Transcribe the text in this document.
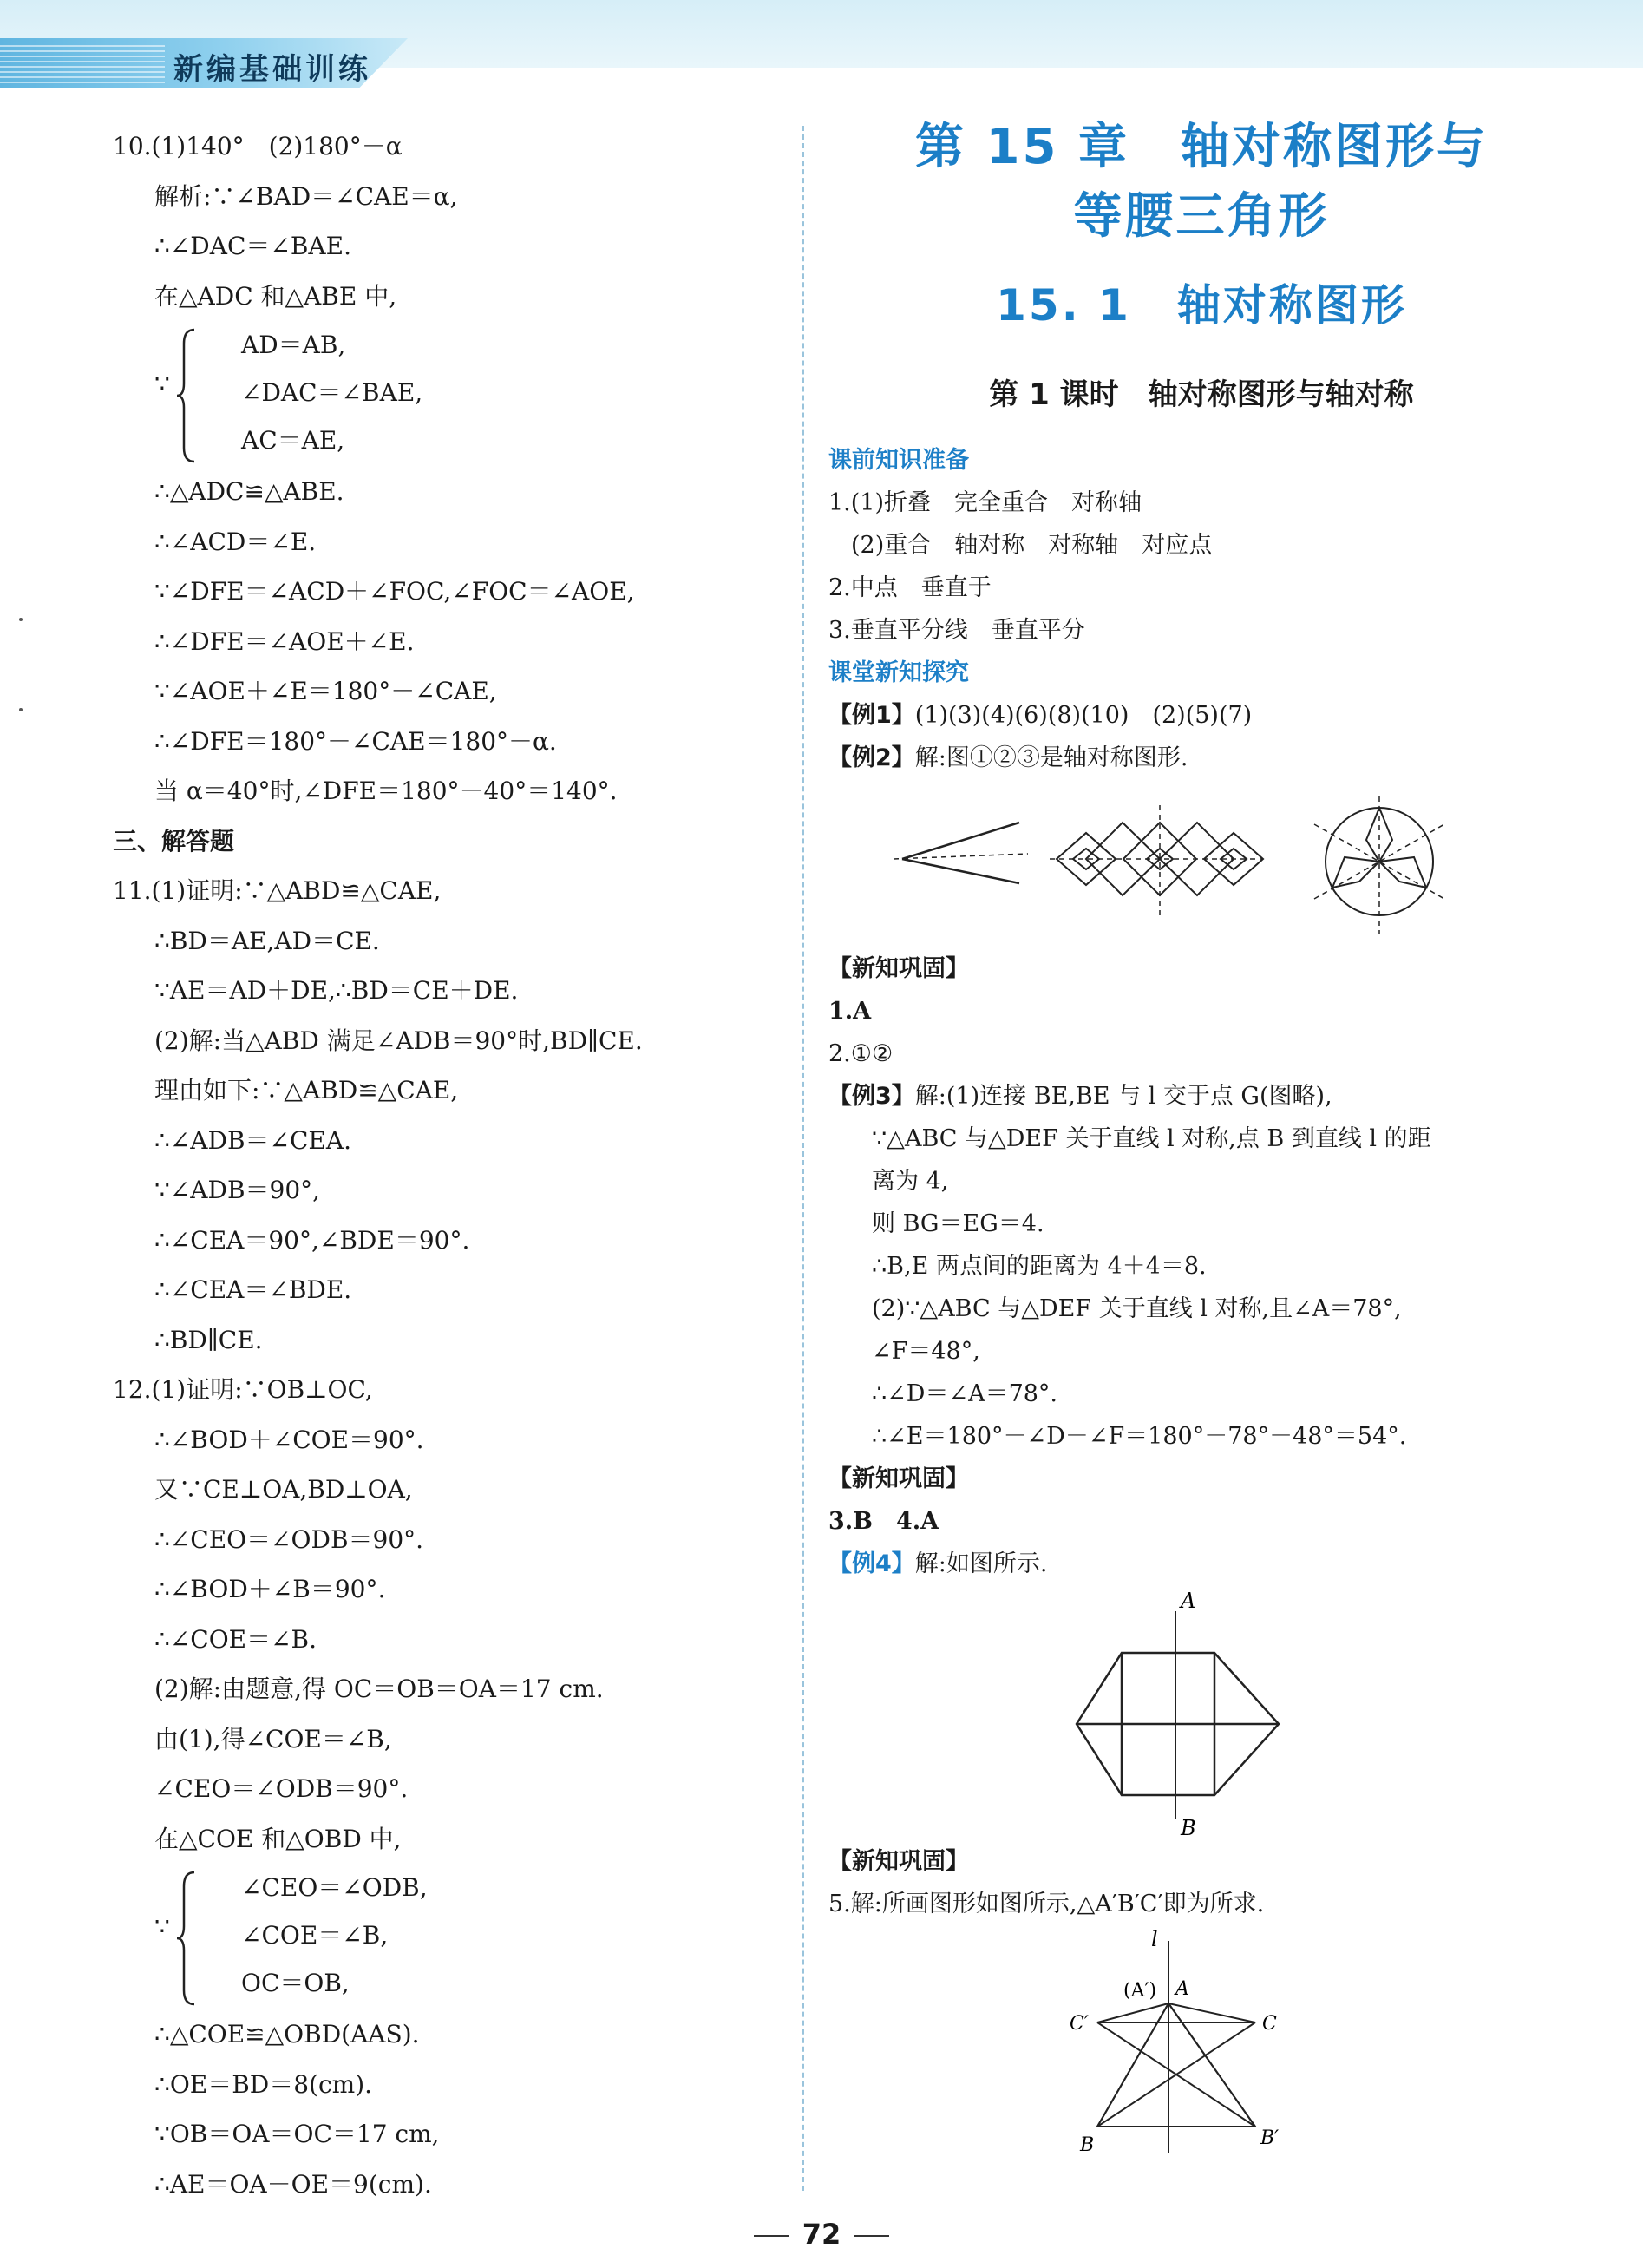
新编基础训练
10.(1)140°　(2)180°－α
解析:∵∠BAD＝∠CAE＝α,
∴∠DAC＝∠BAE.
在△ADC 和△ABE 中,
∵
AD＝AB,
∠DAC＝∠BAE,
AC＝AE,
∴△ADC≌△ABE.
∴∠ACD＝∠E.
∵∠DFE＝∠ACD＋∠FOC,∠FOC＝∠AOE,
∴∠DFE＝∠AOE＋∠E.
∵∠AOE＋∠E＝180°－∠CAE,
∴∠DFE＝180°－∠CAE＝180°－α.
当 α＝40°时,∠DFE＝180°－40°＝140°.
三、解答题
11.(1)证明:∵△ABD≌△CAE,
∴BD＝AE,AD＝CE.
∵AE＝AD＋DE,∴BD＝CE＋DE.
(2)解:当△ABD 满足∠ADB＝90°时,BD∥CE.
理由如下:∵△ABD≌△CAE,
∴∠ADB＝∠CEA.
∵∠ADB＝90°,
∴∠CEA＝90°,∠BDE＝90°.
∴∠CEA＝∠BDE.
∴BD∥CE.
12.(1)证明:∵OB⊥OC,
∴∠BOD＋∠COE＝90°.
又∵CE⊥OA,BD⊥OA,
∴∠CEO＝∠ODB＝90°.
∴∠BOD＋∠B＝90°.
∴∠COE＝∠B.
(2)解:由题意,得 OC＝OB＝OA＝17 cm.
由(1),得∠COE＝∠B,
∠CEO＝∠ODB＝90°.
在△COE 和△OBD 中,
∵
∠CEO＝∠ODB,
∠COE＝∠B,
OC＝OB,
∴△COE≌△OBD(AAS).
∴OE＝BD＝8(cm).
∵OB＝OA＝OC＝17 cm,
∴AE＝OA－OE＝9(cm).
第 15 章　轴对称图形与
等腰三角形
15. 1　轴对称图形
第 1 课时　轴对称图形与轴对称
课前知识准备
1.(1)折叠　完全重合　对称轴
(2)重合　轴对称　对称轴　对应点
2.中点　垂直于
3.垂直平分线　垂直平分
课堂新知探究
【例1】(1)(3)(4)(6)(8)(10)　(2)(5)(7)
【例2】解:图①②③是轴对称图形.
【新知巩固】
1.A
2.①②
【例3】解:(1)连接 BE,BE 与 l 交于点 G(图略),
∵△ABC 与△DEF 关于直线 l 对称,点 B 到直线 l 的距
离为 4,
则 BG＝EG＝4.
∴B,E 两点间的距离为 4＋4＝8.
(2)∵△ABC 与△DEF 关于直线 l 对称,且∠A＝78°,
∠F＝48°,
∴∠D＝∠A＝78°.
∴∠E＝180°－∠D－∠F＝180°－78°－48°＝54°.
【新知巩固】
3.B　4.A
【例4】解:如图所示.
A
B
【新知巩固】
5.解:所画图形如图所示,△A′B′C′即为所求.
l
(A′) A
C′	C
B	B′
72
